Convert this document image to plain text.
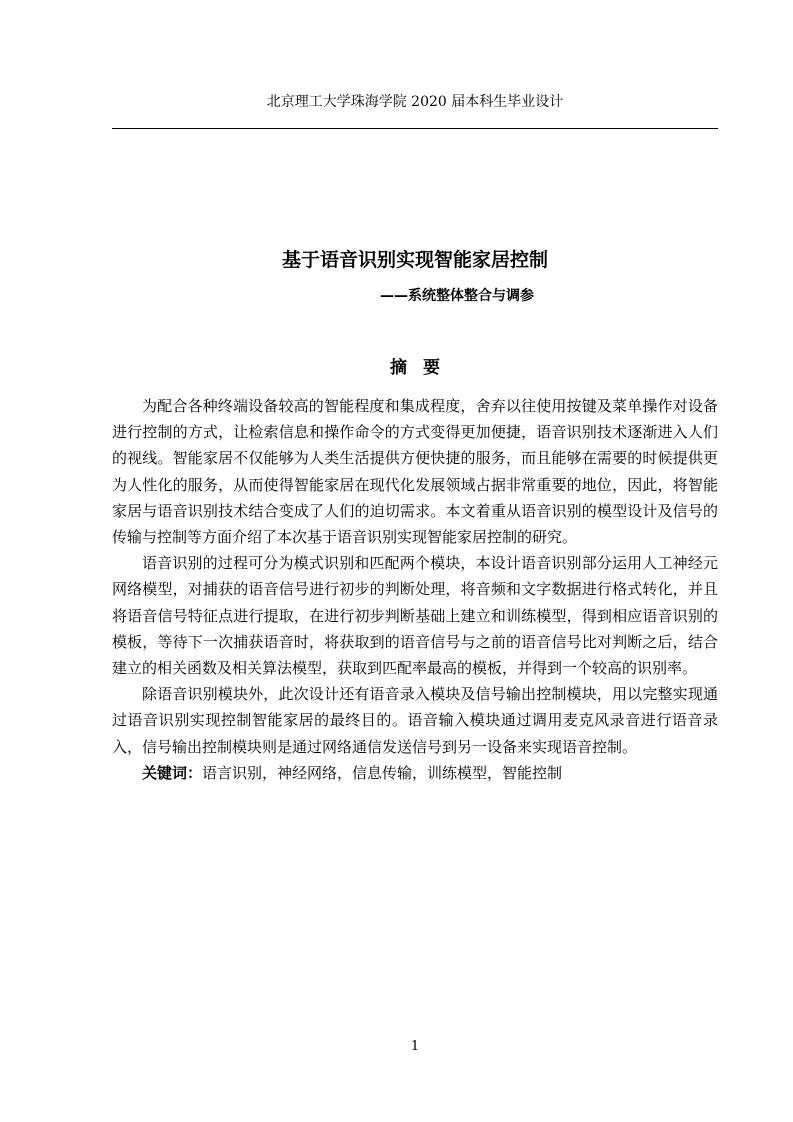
北京理工大学珠海学院 2020 届本科生毕业设计
基于语音识别实现智能家居控制
——系统整体整合与调参
摘要

为配合各种终端设备较高的智能程度和集成程度，舍弃以往使用按键及菜单操作对设备进行控制的方式，让检索信息和操作命令的方式变得更加便捷，语音识别技术逐渐进入人们的视线。智能家居不仅能够为人类生活提供方便快捷的服务，而且能够在需要的时候提供更为人性化的服务，从而使得智能家居在现代化发展领域占据非常重要的地位，因此，将智能家居与语音识别技术结合变成了人们的迫切需求。本文着重从语音识别的模型设计及信号的传输与控制等方面介绍了本次基于语音识别实现智能家居控制的研究。

语音识别的过程可分为模式识别和匹配两个模块，本设计语音识别部分运用人工神经元网络模型，对捕获的语音信号进行初步的判断处理，将音频和文字数据进行格式转化，并且将语音信号特征点进行提取，在进行初步判断基础上建立和训练模型，得到相应语音识别的模板，等待下一次捕获语音时，将获取到的语音信号与之前的语音信号比对判断之后，结合建立的相关函数及相关算法模型，获取到匹配率最高的模板，并得到一个较高的识别率。

除语音识别模块外，此次设计还有语音录入模块及信号输出控制模块，用以完整实现通过语音识别实现控制智能家居的最终目的。语音输入模块通过调用麦克风录音进行语音录入，信号输出控制模块则是通过网络通信发送信号到另一设备来实现语音控制。

关键词：语言识别，神经网络，信息传输，训练模型，智能控制

1
